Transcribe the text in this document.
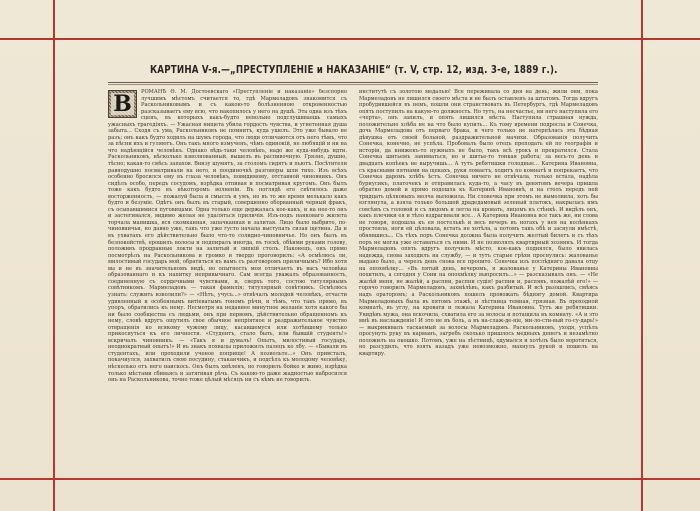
КАРТИНА V-я.—„ПРЕСТУПЛЕНІЕ и НАКАЗАНІЕ“ (т. V, стр. 12, изд. 3-е, 1889 г.).
В	РОМАНѢ Ѳ. М. Достоевскаго «Преступленіе и наказаніе» безспорно лучшимъ мѣстомъ считается то, гдѣ Мармеладовъ знакомится съ Раскольниковымъ и съ какою-то болѣзненною откровенностью разсказываетъ ему всю, что накопилось у него на душѣ. Эта одна изъ тѣхъ сценъ, въ которыхъ какъ-будто невольно подслушиваешь самыхъ ужасныхъ трагедіяхъ. — Ужасная нищета убила гордость чувства, и угнетенная душа забыта... Сходя съ ума, Раскольниковъ не помнитъ, куда ушелъ. Это уже бывало не разъ; онъ какъ будто ходилъ на шумъ города, что люди отличаются отъ него тѣмъ, что за пѣсни ихъ и гуляютъ. Онъ такъ много измученъ, чѣмъ одинокій, не любящій и ни на что надѣющійся человѣкъ. Однако вѣдь-таки человѣкъ, надо же куда-нибудь идти. Раскольниковъ, нѣсколько взволнованный, вышелъ въ распивочную. Грязно, душно, тѣсно; какая-то смѣсь запахов. Внизу шумятъ, за столомъ сидятъ и пьютъ. Посѣтители равнодушно посматривали на него, и поодиночкѣ разговоры шли тихо. Изъ всѣхъ особенно бросился ему въ глаза человѣкъ, повидимому, отставной чиновникъ. Онъ сидѣлъ особо, передъ сосудомъ, изрѣдка отпивая и посматривая кругомъ. Онъ былъ тоже какъ будто въ нѣкоторомъ волненіи. Въ поглядѣ его свѣтилось даже восторженность, — пожалуй была и смыслъ и умъ, но въ то же время мелькало какъ будто и безуміе. Одѣтъ онъ былъ въ старый, совершенно оборванный черный фракъ, съ осыпавшимися пуговицами. Одна только еще держалась кое-какъ, и на нее-то онъ и застегивался, видимо желая не удаляться приличія. Изъ-подъ нанковаго жилета торчала манишка, вся скомканная, запачканная и залитая. Лицо было выбрито, по-чиновничьи, но давно уже, такъ что уже густо начала выступать сизая щетина. Да и въ ухватахъ его дѣйствительно было что-то солидно-чиновничье. Но онъ былъ въ безпокойствѣ, ерошилъ волосы и подпиралъ иногда, въ тоскѣ, обѣими руками голову, положивъ продранные локти на залитый и липкій столъ. Наконецъ, онъ прямо посмотрѣлъ на Раскольникова и громко и твердо проговорилъ: «А осмѣлюсь ли, милостивый государь мой, обратиться къ вамъ съ разговоромъ приличнымъ? Ибо хотя вы и не въ значительномъ видѣ, но опытность моя отличаетъ въ васъ человѣка образованнаго и къ напитку непривычнаго. Сам всегда уважалъ образованность, соединенную съ сердечными чувствами, и, сверхъ того, состою титулярнымъ совѣтникомъ. Мармеладовъ — такая фамилія; титулярный совѣтникъ. Осмѣлюсь узнать: служить изволили?» — «Нѣтъ, учусь...» отвѣчалъ молодой человѣкъ, отчасти удивленный и особеннымъ витіеватымъ тономъ рѣчи, и тѣмъ, что такъ прямо, въ упоръ, обратились къ нему. Несмотря на недавнее минутное желаніе хотя какого бы ни было сообщества съ людьми, онъ при первомъ, дѣйствительно обращенномъ къ нему, словѣ вдругъ ощутилъ свое обычное непріятное и раздражительное чувство отвращенія ко всякому чужому лицу, касавшемуся или хотѣвшему только прикоснуться къ его личности. «Студентъ, стало быть, или бывшій студентъ!» вскричалъ чиновникъ. — «Такъ я и думалъ! Опытъ, милостивый государь, неоднократный опытъ!» И въ знакъ похвалы приложилъ палецъ ко лбу. — «Бывали въ студентахъ, или проходили ученое поприще! А позвольте...» Онъ привсталъ, покачнулся, захватилъ свою посудину, стаканчикъ, и подсѣлъ къ молодому человѣку, нѣсколько отъ него наискось. Онъ былъ хмѣленъ, но говорилъ бойко и живо, изрѣдка только мѣстами сбиваясь и затягивая рѣчь. Съ какою-то даже жадностью набросился онъ на Раскольникова, точно тоже цѣлый мѣсяцъ ни съ кѣмъ не говорилъ.
институтѣ съ золотою медалью! Все переживала со дня на день; жили они, пока Мармеладовъ не лишился своего мѣста и не былъ оставленъ за штатомъ. Тогда вдругъ пробудившейся въ немъ, пошли они странствовать въ Петербургъ, гдѣ Мармеладовъ опять поступилъ на какую-то должность. Но тутъ, на несчастье, ни него наступила его «черта», онъ запилъ, и опять лишился мѣста. Наступила страшная нужда, положительно хлѣба не на что было купить... Къ тому времени подросла и Сонечка, дочь Мармеладова отъ перваго брака, и чего только не натерпѣлась эта бѣдная дѣвушка отъ своей больной, раздражительной мачихи. Образованія получить Сонечка, конечно, не успѣла. Пробовалъ было отецъ преподать ей по географіи и исторіи, да книжекъ-то нужныхъ не было, такъ всѣ урокъ и прекратился. Стала Сонечка шитьемъ заниматься, но и шитье-то тонкая работа; за весь-то день и двадцать копѣекъ не выручишь... А тутъ ребятишки голодные... Катерина Ивановна, съ красными пятнами на щекахъ, руки ломаетъ, ходитъ по комнатѣ и попрекаетъ, что Сонечка даромъ хлѣбъ ѣстъ. Сонечка ничего не отвѣчала, только встала, надѣла бурнусикъ, платочекъ и отправилась куда-то, а часу въ девятомъ вечера пришла обратно домой и прямо подошла къ Катеринѣ Ивановнѣ, и на столъ передъ ней тридцать цѣлковыхъ молча выложила. Ни словечка при этомъ не вымолвила, хоть бы взглянула, а взяла только большой драдедамовый зеленый платокъ, накрылась имъ совсѣмъ съ головой и съ лицомъ и легла на кровать, лицомъ къ стѣнкѣ. И видѣлъ онъ, какъ плечики ея и тѣло вздрагивали все... А Катерина Ивановна все такъ же, ни слова не говоря, подошла къ ея постелькѣ и весь вечеръ въ ногахъ у нея на колѣнкахъ простояла, ноги ей цѣловала, встать не хотѣла, а потомъ такъ обѣ и заснули вмѣстѣ, обнявшись... Съ тѣхъ поръ Сонечка должна была получить желтый билетъ и съ тѣхъ поръ не могла уже оставаться съ ними. И не позволялъ квартирный хозяинъ. И тогда Мармеладовъ опять вдругъ получилъ мѣсто, кое-какъ поднялся, было явилась надежда, снова заходилъ на службу, — и тутъ старые грѣхи проснулись: жалованье выдано было, а черезъ день снова все пропито. Сонечка изъ послѣдняго давала отцу на опохмѣлку... «Въ пятый день, вечеромъ, я жалованье у Катерины Ивановны похитилъ, а сегодня у Сони на опохмѣлку выпросилъ...» — разсказывалъ онъ. — «Не жалѣй меня, не жалѣй, а распни, распни судія! распни и, распявъ, пожалѣй его!» — горячо говорилъ Мармеладовъ, захмѣлѣвъ, какъ разбитый. И всѣ разошлись, смѣясь надъ ораторомъ; а Раскольниковъ пошелъ провожать бѣднягу домой. Квартира Мармеладовыхъ была въ пятомъ этажѣ, и лѣстница темная, грязная. Въ проходной комнатѣ, въ углу, на кровати и лежала Катерина Ивановна. Тутъ же ребятишки. Увидѣвъ мужа, она вскочила, схватила его за волосы и потащила въ комнату. «А и это мнѣ въ наслажденіе! И это не въ боль, а въ на-слаж-де-ніе, ми-ло-сти-вый го-су-дарь!» — выкрикивалъ таскаемый за волосы Мармеладовъ. Раскольниковъ, уходя, успѣлъ просунуть руку въ карманъ, загребъ сколько пришлось медныхъ денегъ и незамѣтно положилъ на окошко. Потомъ, уже на лѣстницѣ, одумался и хотѣлъ было воротиться, но разсудилъ, что взять назадъ уже невозможно, махнулъ рукой и пошелъ на квартиру.
